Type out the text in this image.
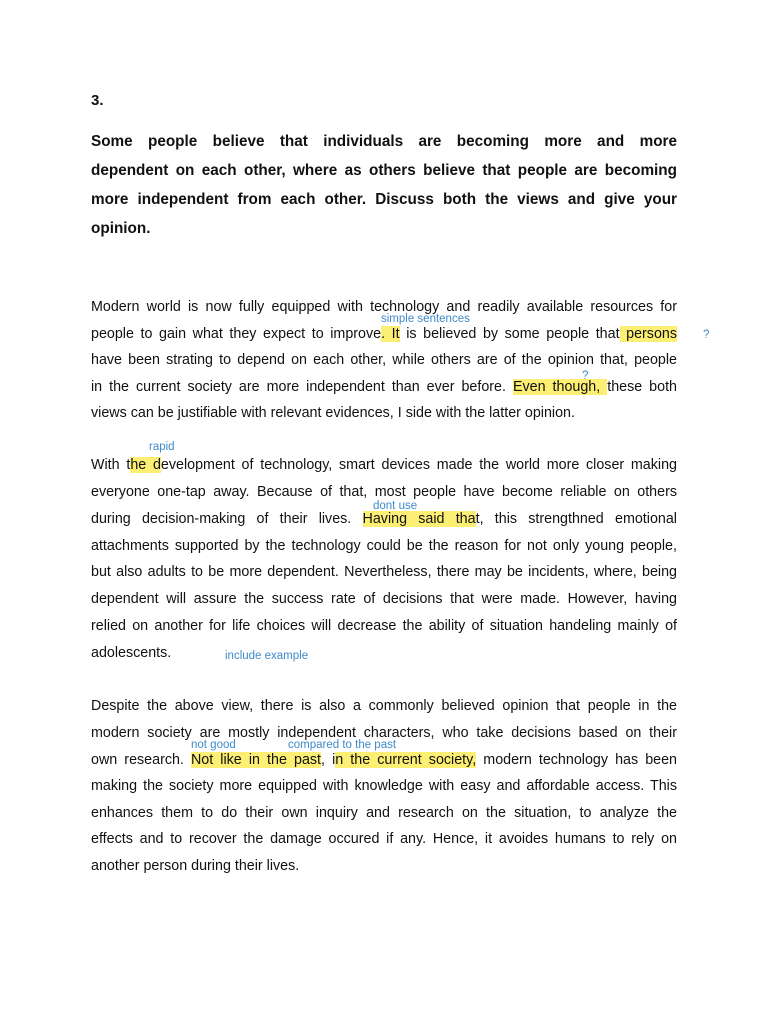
3.
Some people believe that individuals are becoming more and more
dependent on each other, where as others believe that people are becoming
more independent from each other. Discuss both the views and give your
opinion.
Modern world is now fully equipped with technology and readily available resources for
people to gain what they expect to improve. It is believed by some people that persons
have been strating to depend on each other, while others are of the opinion that, people
in the current society are more independent than ever before. Even though, these both
views can be justifiable with relevant evidences, I side with the latter opinion.
With the development of technology, smart devices made the world more closer making
everyone one-tap away. Because of that, most people have become reliable on others
during decision-making of their lives. Having said that, this strengthned emotional
attachments supported by the technology could be the reason for not only young people,
but also adults to be more dependent. Nevertheless, there may be incidents, where, being
dependent will assure the success rate of decisions that were made. However, having
relied on another for life choices will decrease the ability of situation handeling mainly of
adolescents.
Despite the above view, there is also a commonly believed opinion that people in the
modern society are mostly independent characters, who take decisions based on their
own research. Not like in the past, in the current society, modern technology has been
making the society more equipped with knowledge with easy and affordable access. This
enhances them to do their own inquiry and research on the situation, to analyze the
effects and to recover the damage occured if any. Hence, it avoides humans to rely on
another person during their lives.
simple sentences
?
?
rapid
dont use
include example
not good	compared to the past
